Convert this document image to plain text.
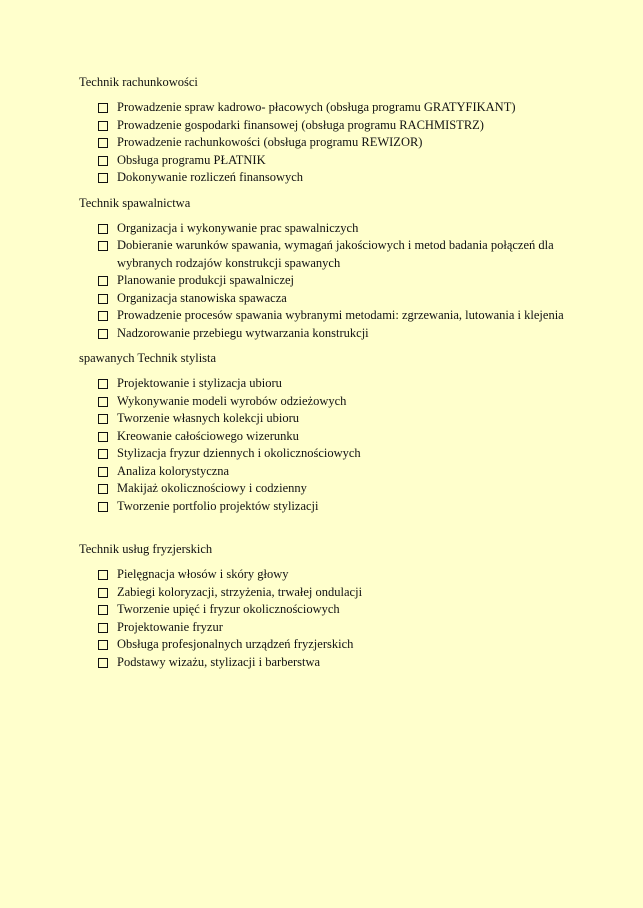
Technik rachunkowości
Prowadzenie spraw kadrowo- płacowych (obsługa programu GRATYFIKANT)
Prowadzenie gospodarki finansowej (obsługa programu RACHMISTRZ)
Prowadzenie rachunkowości (obsługa programu REWIZOR)
Obsługa programu PŁATNIK
Dokonywanie rozliczeń finansowych
Technik spawalnictwa
Organizacja i wykonywanie prac spawalniczych
Dobieranie warunków spawania, wymagań jakościowych i metod badania połączeń dla wybranych rodzajów konstrukcji spawanych
Planowanie produkcji spawalniczej
Organizacja stanowiska spawacza
Prowadzenie procesów spawania wybranymi metodami: zgrzewania, lutowania i klejenia
Nadzorowanie przebiegu wytwarzania konstrukcji
spawanych Technik stylista
Projektowanie i stylizacja ubioru
Wykonywanie modeli wyrobów odzieżowych
Tworzenie własnych kolekcji ubioru
Kreowanie całościowego wizerunku
Stylizacja fryzur dziennych i okolicznościowych
Analiza kolorystyczna
Makijaż okolicznościowy i codzienny
Tworzenie portfolio projektów stylizacji
Technik usług fryzjerskich
Pielęgnacja włosów i skóry głowy
Zabiegi koloryzacji, strzyżenia, trwałej ondulacji
Tworzenie upięć i fryzur okolicznościowych
Projektowanie fryzur
Obsługa profesjonalnych urządzeń fryzjerskich
Podstawy wizażu, stylizacji i barberstwa
